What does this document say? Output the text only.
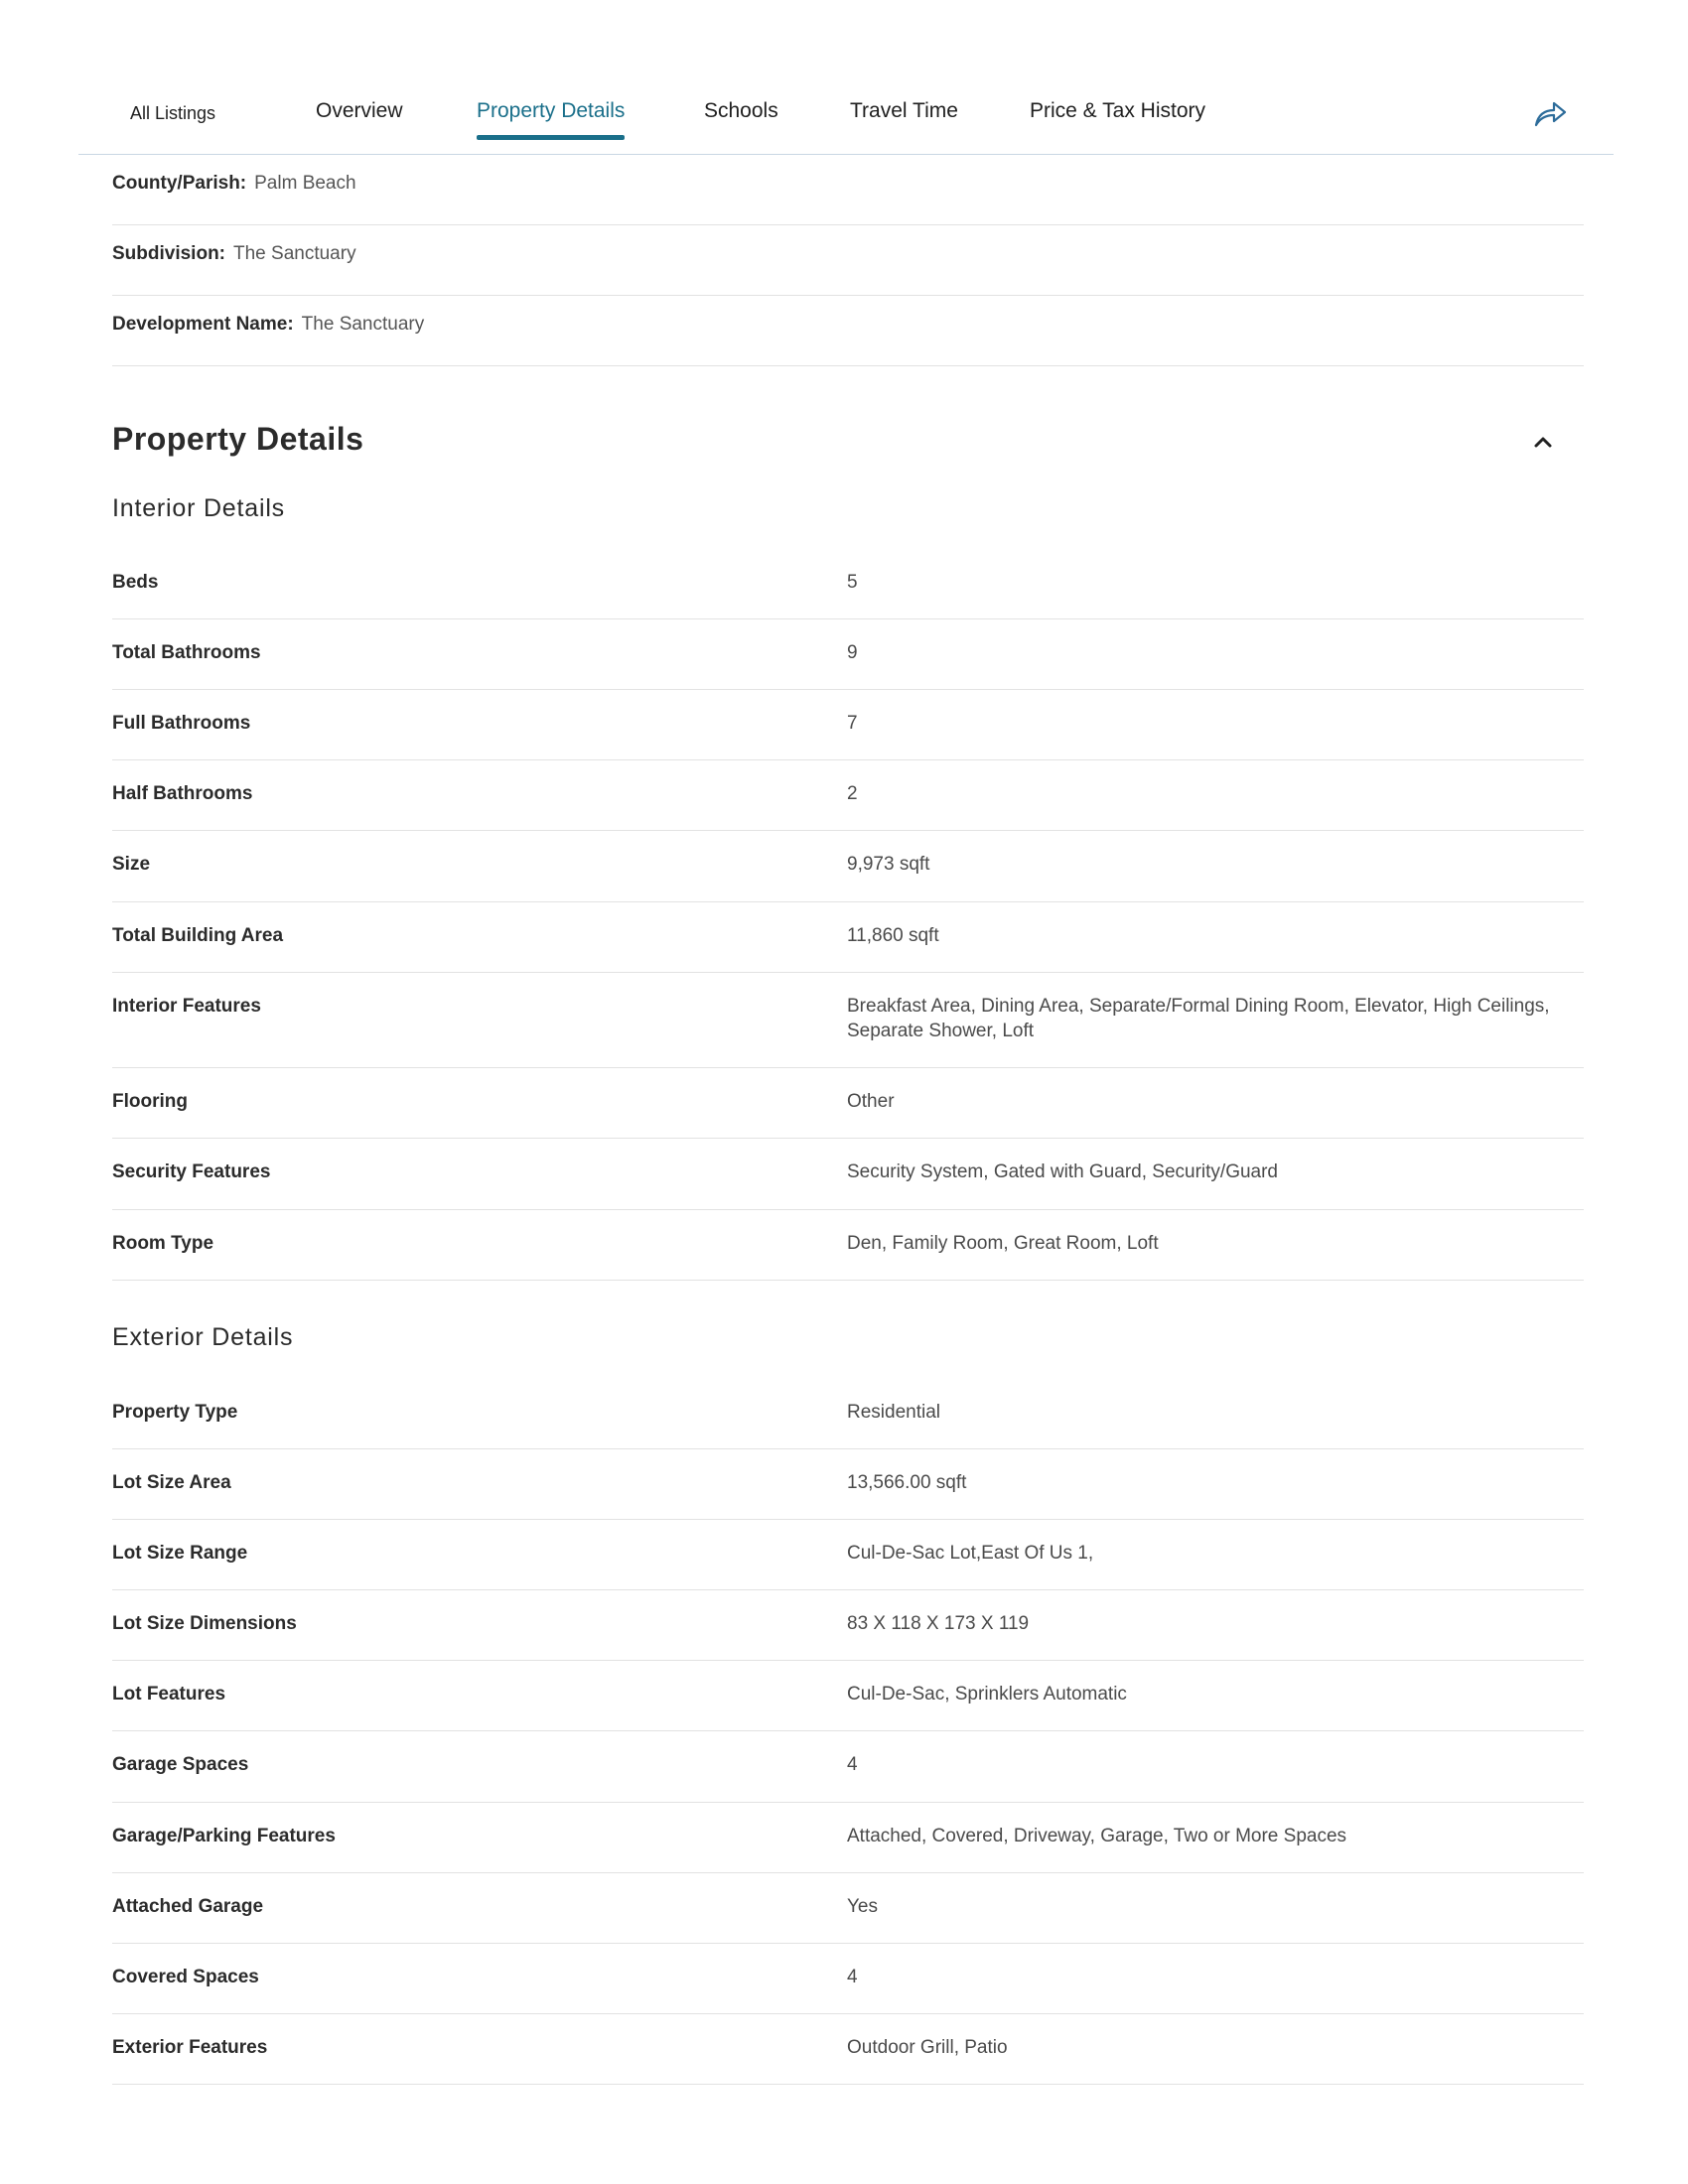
All Listings	Overview	Property Details	Schools	Travel Time	Price & Tax History
County/Parish: Palm Beach
Subdivision: The Sanctuary
Development Name: The Sanctuary
Property Details
Interior Details
Beds	5
Total Bathrooms	9
Full Bathrooms	7
Half Bathrooms	2
Size	9,973 sqft
Total Building Area	11,860 sqft
Interior Features	Breakfast Area, Dining Area, Separate/Formal Dining Room, Elevator, High Ceilings, Separate Shower, Loft
Flooring	Other
Security Features	Security System, Gated with Guard, Security/Guard
Room Type	Den, Family Room, Great Room, Loft
Exterior Details
Property Type	Residential
Lot Size Area	13,566.00 sqft
Lot Size Range	Cul-De-Sac Lot,East Of Us 1,
Lot Size Dimensions	83 X 118 X 173 X 119
Lot Features	Cul-De-Sac, Sprinklers Automatic
Garage Spaces	4
Garage/Parking Features	Attached, Covered, Driveway, Garage, Two or More Spaces
Attached Garage	Yes
Covered Spaces	4
Exterior Features	Outdoor Grill, Patio
